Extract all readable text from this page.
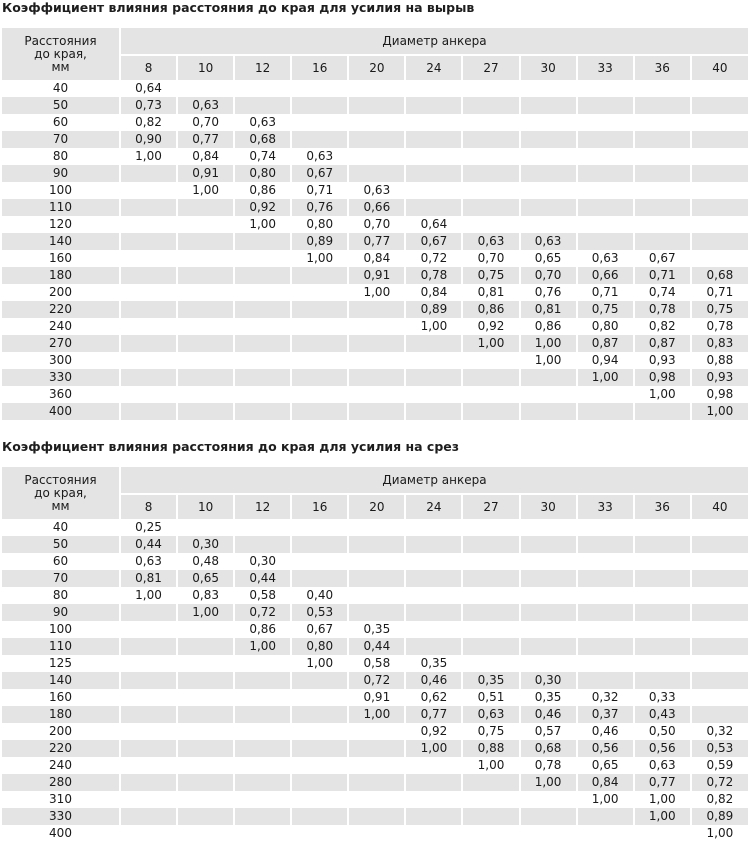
Коэффициент влияния расстояния до края для усилия на вырыв
Расстояния
до края,
мм	Диаметр анкера										
	8	10	12	16	20	24	27	30	33	36	40
40	0,64										
50	0,73	0,63									
60	0,82	0,70	0,63								
70	0,90	0,77	0,68								
80	1,00	0,84	0,74	0,63							
90		0,91	0,80	0,67							
100		1,00	0,86	0,71	0,63						
110			0,92	0,76	0,66						
120			1,00	0,80	0,70	0,64					
140				0,89	0,77	0,67	0,63	0,63			
160				1,00	0,84	0,72	0,70	0,65	0,63	0,67	
180					0,91	0,78	0,75	0,70	0,66	0,71	0,68
200					1,00	0,84	0,81	0,76	0,71	0,74	0,71
220						0,89	0,86	0,81	0,75	0,78	0,75
240						1,00	0,92	0,86	0,80	0,82	0,78
270							1,00	1,00	0,87	0,87	0,83
300								1,00	0,94	0,93	0,88
330									1,00	0,98	0,93
360										1,00	0,98
400											1,00
Коэффициент влияния расстояния до края для усилия на срез
Расстояния
до края,
мм	Диаметр анкера										
	8	10	12	16	20	24	27	30	33	36	40
40	0,25										
50	0,44	0,30									
60	0,63	0,48	0,30								
70	0,81	0,65	0,44								
80	1,00	0,83	0,58	0,40							
90		1,00	0,72	0,53							
100			0,86	0,67	0,35						
110			1,00	0,80	0,44						
125				1,00	0,58	0,35					
140					0,72	0,46	0,35	0,30			
160					0,91	0,62	0,51	0,35	0,32	0,33	
180					1,00	0,77	0,63	0,46	0,37	0,43	
200						0,92	0,75	0,57	0,46	0,50	0,32
220						1,00	0,88	0,68	0,56	0,56	0,53
240							1,00	0,78	0,65	0,63	0,59
280								1,00	0,84	0,77	0,72
310									1,00	1,00	0,82
330										1,00	0,89
400											1,00
